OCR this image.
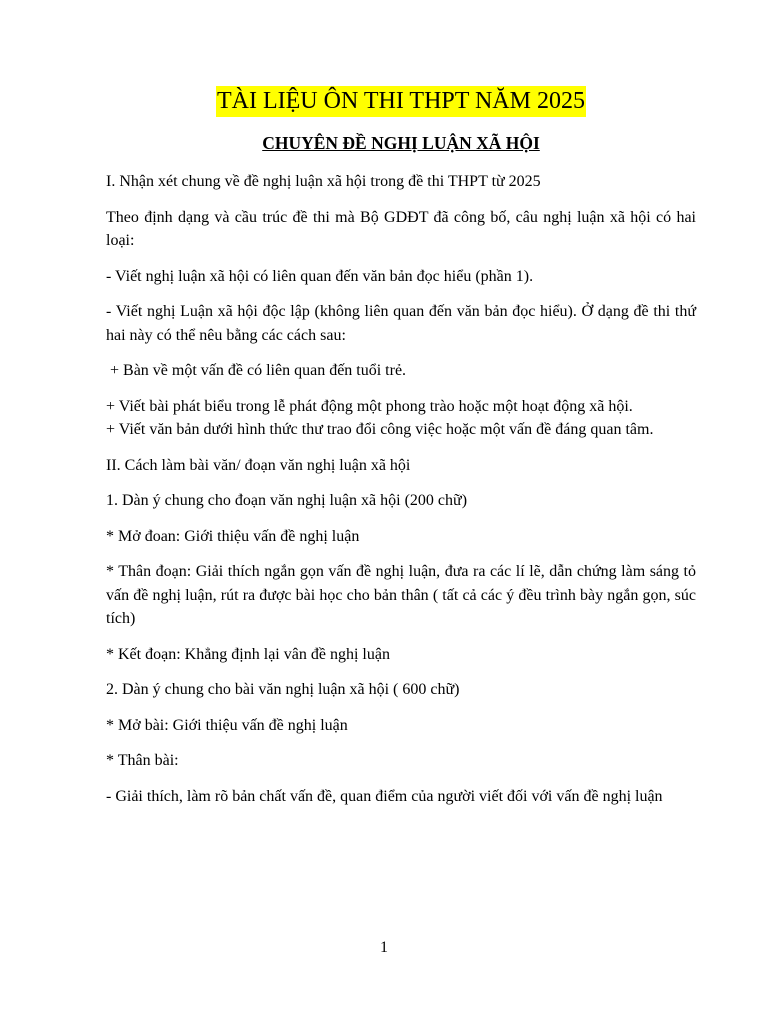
TÀI LIỆU ÔN THI THPT NĂM 2025
CHUYÊN ĐỀ NGHỊ LUẬN XÃ HỘI

I. Nhận xét chung về đề nghị luận xã hội trong đề thi THPT từ 2025

Theo định dạng và cầu trúc đề thi mà Bộ GDĐT đã công bố, câu nghị luận xã hội có hai loại:

- Viết nghị luận xã hội có liên quan đến văn bản đọc hiểu (phần 1).

- Viết nghị Luận xã hội độc lập (không liên quan đến văn bản đọc hiểu). Ở dạng đề thi thứ hai này có thể nêu bằng các cách sau:

+ Bàn về một vấn đề có liên quan đến tuổi trẻ.

+ Viết bài phát biểu trong lễ phát động một phong trào hoặc một hoạt động xã hội.

+ Viết văn bản dưới hình thức thư trao đổi công việc hoặc một vấn đề đáng quan tâm.

II. Cách làm bài văn/ đoạn văn nghị luận xã hội

1. Dàn ý chung cho đoạn văn nghị luận xã hội (200 chữ)

* Mở đoan: Giới thiệu vấn đề nghị luận

* Thân đoạn: Giải thích ngắn gọn vấn đề nghị luận, đưa ra các lí lẽ, dẫn chứng làm sáng tỏ vấn đề nghị luận, rút ra được bài học cho bản thân ( tất cả các ý đều trình bày ngắn gọn, súc tích)

* Kết đoạn: Khẳng định lại vân đề nghị luận

2. Dàn ý chung cho bài văn nghị luận xã hội ( 600 chữ)

* Mở bài: Giới thiệu vấn đề nghị luận

* Thân bài:

- Giải thích, làm rõ bản chất vấn đề, quan điểm của người viết đối với vấn đề nghị luận

1
